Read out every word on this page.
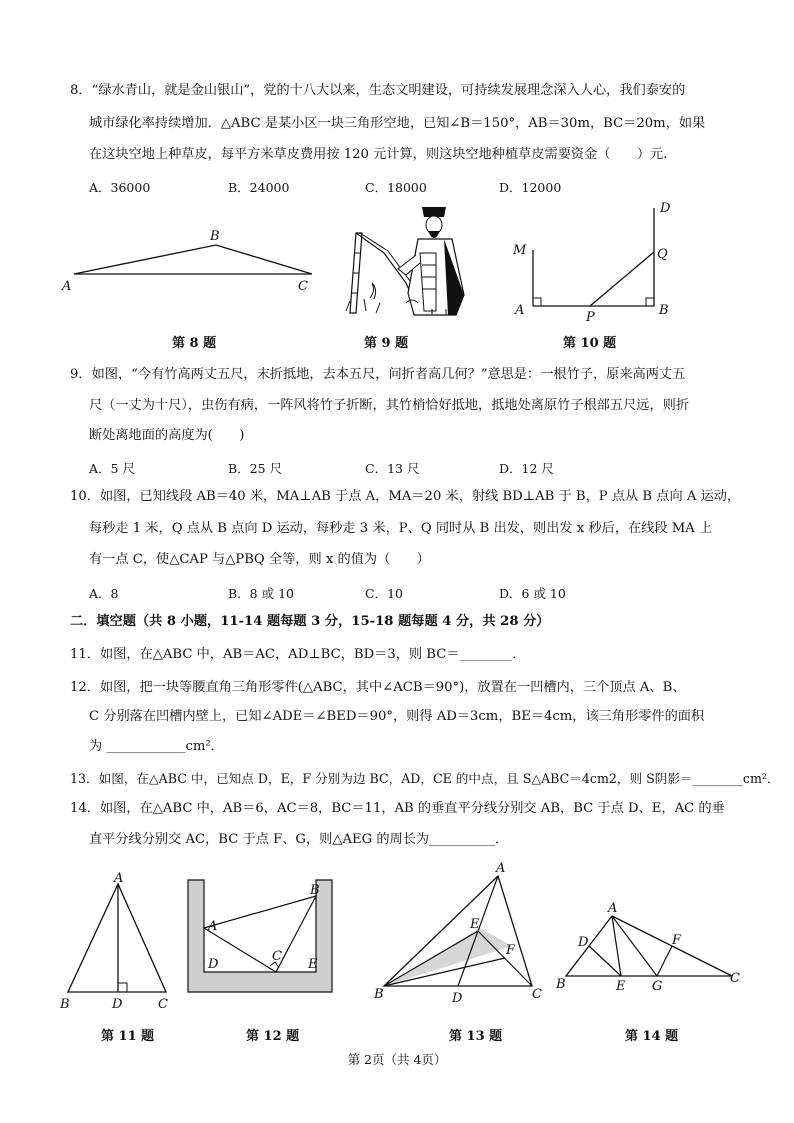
8．“绿水青山，就是金山银山”，党的十八大以来，生态文明建设，可持续发展理念深入人心，我们泰安的
城市绿化率持续增加．△ABC 是某小区一块三角形空地，已知∠B＝150°，AB＝30m，BC＝20m，如果
在这块空地上种草皮，每平方米草皮费用按 120 元计算，则这块空地种植草皮需要资金（　　）元.
A．36000	B．24000	C．18000	D．12000
A
B
C
第 8 题	第 9 题
D
M	Q
A	P	B
第 10 题
9．如图，“今有竹高两丈五尺，末折抵地，去本五尺，问折者高几何？”意思是：一根竹子，原来高两丈五
尺（一丈为十尺），虫伤有病，一阵风将竹子折断，其竹梢恰好抵地，抵地处离原竹子根部五尺远，则折
断处离地面的高度为(　　)
A．5 尺	B．25 尺	C．13 尺	D．12 尺
10．如图，已知线段 AB＝40 米，MA⊥AB 于点 A，MA＝20 米，射线 BD⊥AB 于 B，P 点从 B 点向 A 运动，
每秒走 1 米，Q 点从 B 点向 D 运动，每秒走 3 米，P、Q 同时从 B 出发，则出发 x 秒后，在线段 MA 上
有一点 C，使△CAP 与△PBQ 全等，则 x 的值为（　　）
A．8	B．8 或 10	C．10	D．6 或 10
二．填空题（共 8 小题，11-14 题每题 3 分，15-18 题每题 4 分，共 28 分）
11．如图，在△ABC 中，AB＝AC，AD⊥BC，BD＝3，则 BC＝________．
12．如图，把一块等腰直角三角形零件(△ABC，其中∠ACB＝90°)，放置在一凹槽内，三个顶点 A、B、
C 分别落在凹槽内壁上，已知∠ADE＝∠BED＝90°，则得 AD＝3cm，BE＝4cm，该三角形零件的面积
为 ____________cm²．
13．如图，在△ABC 中，已知点 D，E，F 分别为边 BC，AD，CE 的中点，且 S△ABC＝4cm2，则 S阴影＝________cm²．
14．如图，在△ABC 中，AB＝6，AC＝8，BC＝11，AB 的垂直平分线分别交 AB，BC 于点 D、E，AC 的垂
直平分线分别交 AC，BC 于点 F、G，则△AEG 的周长为__________．
A
B	D	C
第 11 题
A
B
C
D	E
第 12 题
A
E
F
B	D	C
第 13 题
A
D	F
B	E G
C
第 14 题
第 2页（共 4页）
